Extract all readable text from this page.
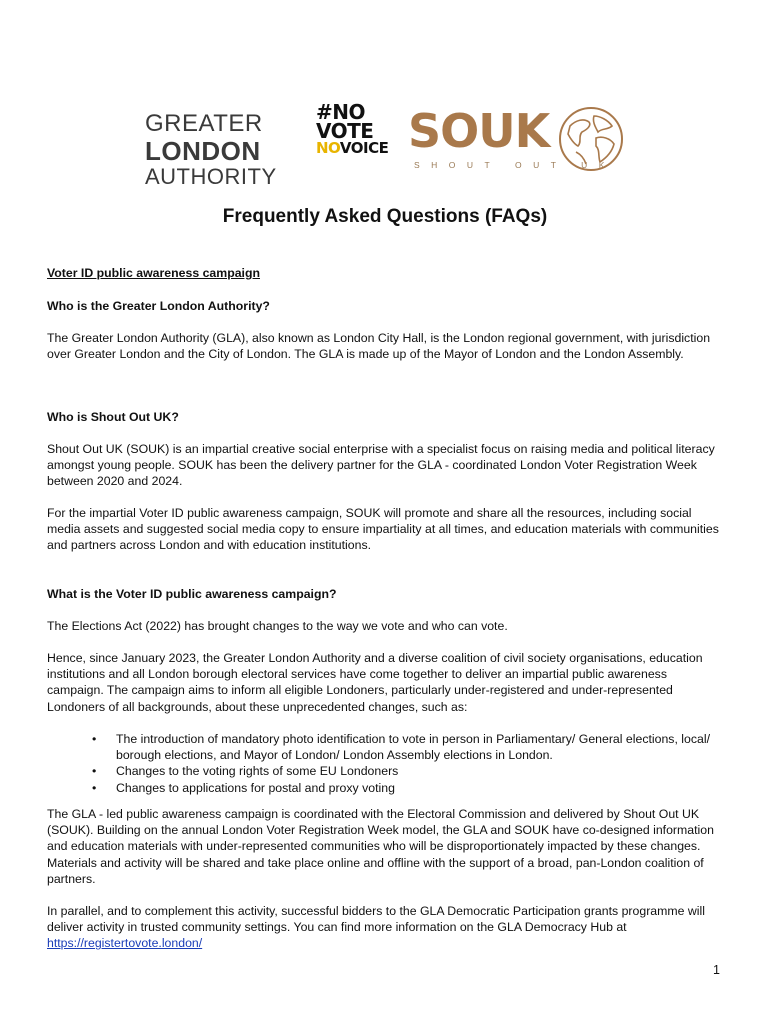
GREATER
LONDON
AUTHORITY
#NO
VOTE
NOVOICE SOUK
SHOUT OUT UK
Frequently Asked Questions (FAQs)
Voter ID public awareness campaign
Who is the Greater London Authority?
The Greater London Authority (GLA), also known as London City Hall, is the London regional government, with jurisdiction over Greater London and the City of London. The GLA is made up of the Mayor of London and the London Assembly.
Who is Shout Out UK?
Shout Out UK (SOUK) is an impartial creative social enterprise with a specialist focus on raising media and political literacy amongst young people. SOUK has been the delivery partner for the GLA - coordinated London Voter Registration Week between 2020 and 2024.
For the impartial Voter ID public awareness campaign, SOUK will promote and share all the resources, including social media assets and suggested social media copy to ensure impartiality at all times, and education materials with communities and partners across London and with education institutions.
What is the Voter ID public awareness campaign?
The Elections Act (2022) has brought changes to the way we vote and who can vote.
Hence, since January 2023, the Greater London Authority and a diverse coalition of civil society organisations, education institutions and all London borough electoral services have come together to deliver an impartial public awareness campaign. The campaign aims to inform all eligible Londoners, particularly under-registered and under-represented Londoners of all backgrounds, about these unprecedented changes, such as:
• The introduction of mandatory photo identification to vote in person in Parliamentary/ General elections, local/ borough elections, and Mayor of London/ London Assembly elections in London.
• Changes to the voting rights of some EU Londoners
• Changes to applications for postal and proxy voting
The GLA - led public awareness campaign is coordinated with the Electoral Commission and delivered by Shout Out UK (SOUK). Building on the annual London Voter Registration Week model, the GLA and SOUK have co-designed information and education materials with under-represented communities who will be disproportionately impacted by these changes. Materials and activity will be shared and take place online and offline with the support of a broad, pan-London coalition of partners.
In parallel, and to complement this activity, successful bidders to the GLA Democratic Participation grants programme will deliver activity in trusted community settings. You can find more information on the GLA Democracy Hub at
https://registertovote.london/
1
